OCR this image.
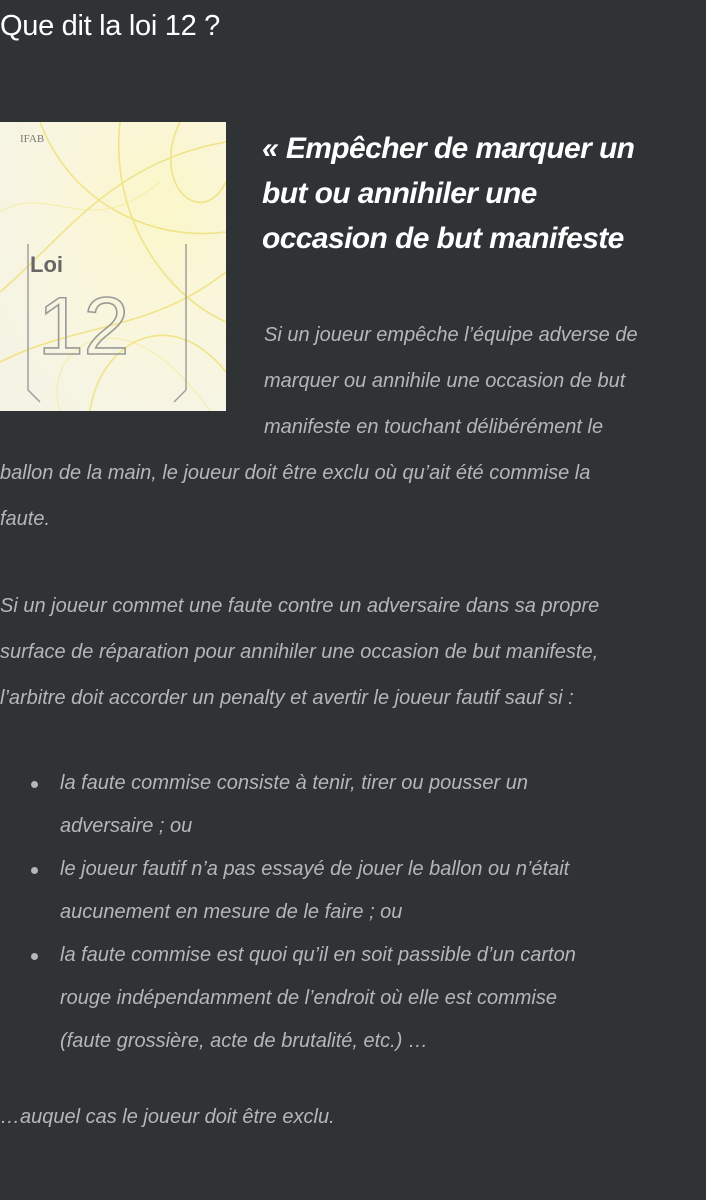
Que dit la loi 12 ?
IFAB
Loi
12

« Empêcher de marquer un
but ou annihiler une
occasion de but manifeste

Si un joueur empêche l’équipe adverse de

marquer ou annihile une occasion de but

manifeste en touchant délibérément le

ballon de la main, le joueur doit être exclu où qu’ait été commise la

faute.

Si un joueur commet une faute contre un adversaire dans sa propre

surface de réparation pour annihiler une occasion de but manifeste,

l’arbitre doit accorder un penalty et avertir le joueur fautif sauf si :

la faute commise consiste à tenir, tirer ou pousser un
adversaire ; ou
le joueur fautif n’a pas essayé de jouer le ballon ou n’était
aucunement en mesure de le faire ; ou
la faute commise est quoi qu’il en soit passible d’un carton
rouge indépendamment de l’endroit où elle est commise
(faute grossière, acte de brutalité, etc.) …

…auquel cas le joueur doit être exclu.
